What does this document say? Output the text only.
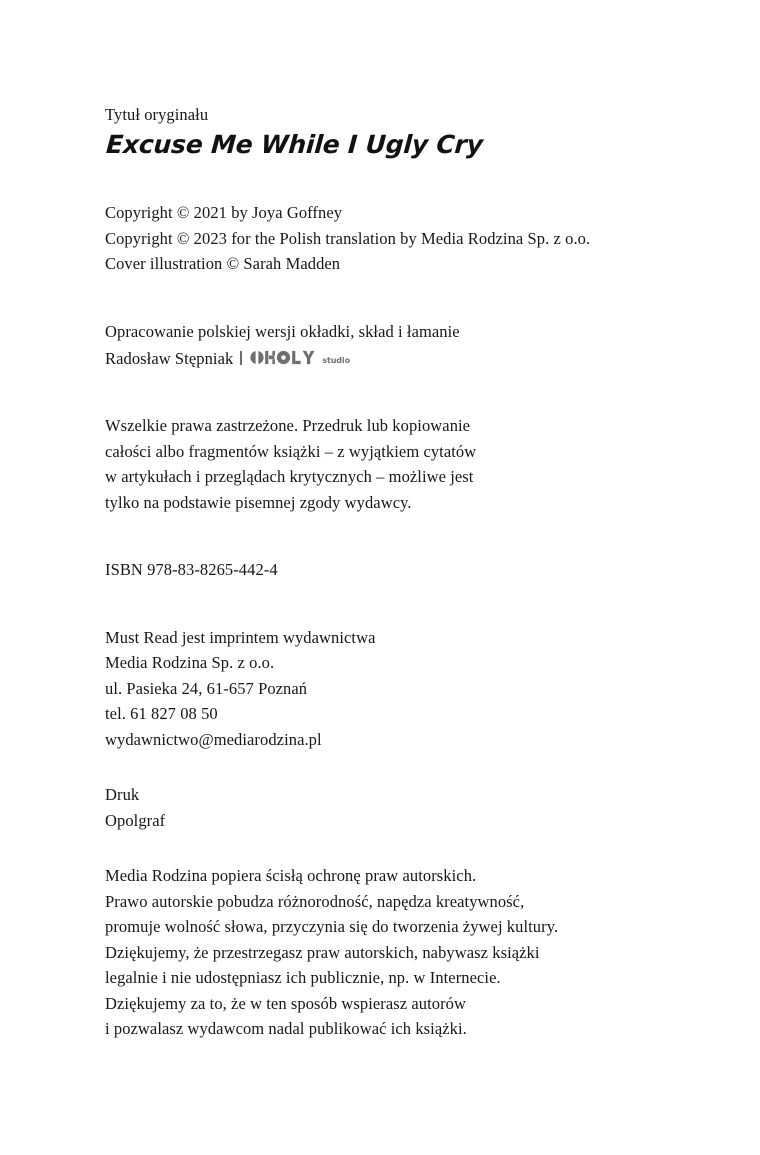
Tytuł oryginału
Excuse Me While I Ugly Cry
Copyright © 2021 by Joya Goffney
Copyright © 2023 for the Polish translation by Media Rodzina Sp. z o.o.
Cover illustration © Sarah Madden
Opracowanie polskiej wersji okładki, skład i łamanie
Radosław Stępniak	studio
Wszelkie prawa zastrzeżone. Przedruk lub kopiowanie
całości albo fragmentów książki – z wyjątkiem cytatów
w artykułach i przeglądach krytycznych – możliwe jest
tylko na podstawie pisemnej zgody wydawcy.
ISBN 978-83-8265-442-4
Must Read jest imprintem wydawnictwa
Media Rodzina Sp. z o.o.
ul. Pasieka 24, 61-657 Poznań
tel. 61 827 08 50
wydawnictwo@mediarodzina.pl
Druk
Opolgraf
Media Rodzina popiera ścisłą ochronę praw autorskich.
Prawo autorskie pobudza różnorodność, napędza kreatywność,
promuje wolność słowa, przyczynia się do tworzenia żywej kultury.
Dziękujemy, że przestrzegasz praw autorskich, nabywasz książki
legalnie i nie udostępniasz ich publicznie, np. w Internecie.
Dziękujemy za to, że w ten sposób wspierasz autorów
i pozwalasz wydawcom nadal publikować ich książki.
